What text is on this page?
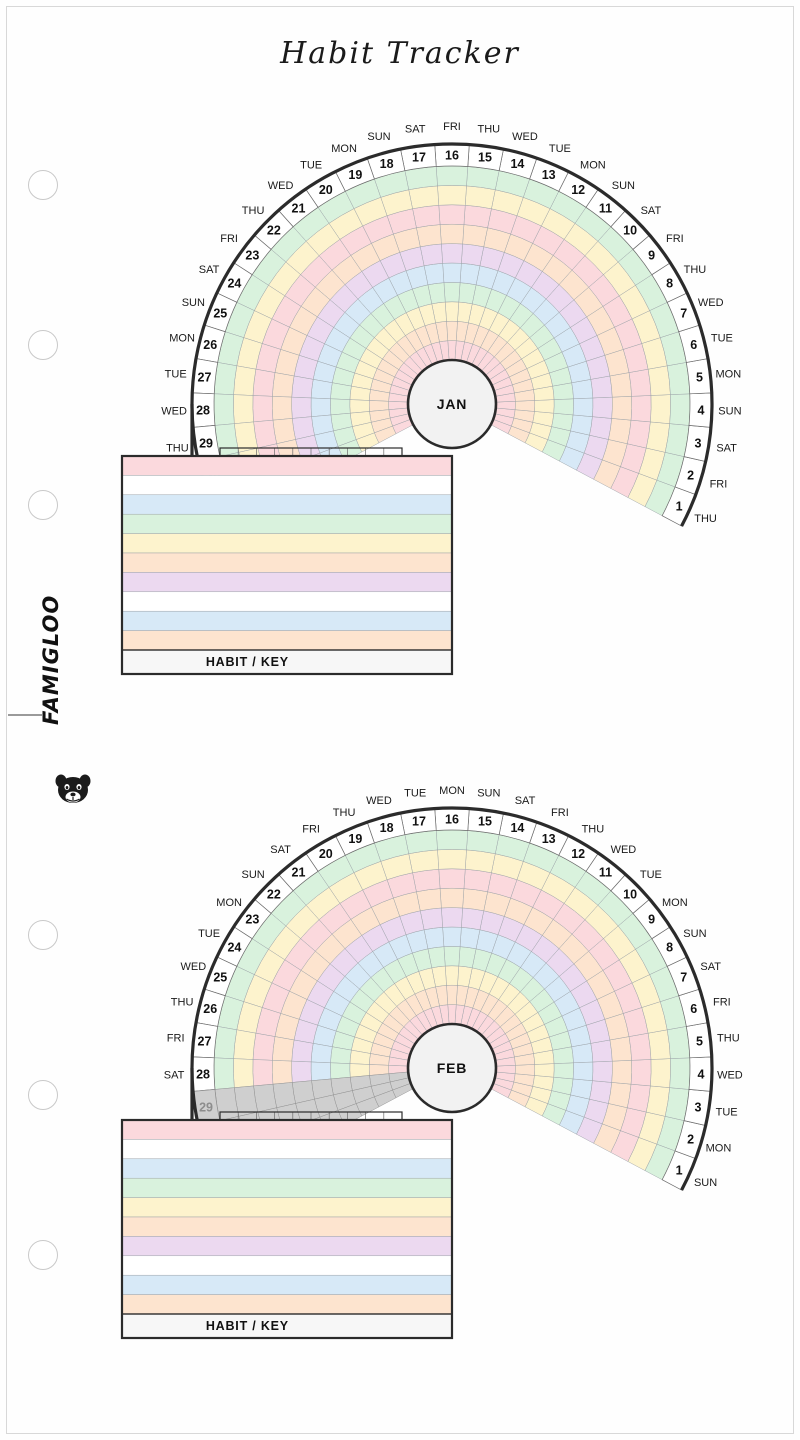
Habit Tracker
FAMIGLOO
1
THU
2
FRI
3 SAT
4 SUN
5 MON
6 TUE
7
WED
8
THU
9
FRI
10
SAT
11
SUN
12
MON
13
TUE
14
WED
15
THU
16
FRI
17
SAT
18
SUN
19
MON
20
TUE
21
WED
22
THU
23
FRI
24
SAT
25
SUN
26
MON
27
TUE
28
WED
29
THU
JAN
HABIT / KEY
1
SUN
2
MON
3 TUE
4 WED
5 THU
6 FRI
7
SAT
8
SUN
9
MON
10
TUE
11
WED
12
THU
13
FRI
14
SAT
15
SUN
16
MON
17
TUE
18
WED
19
THU
20
FRI
21
SAT
22
SUN
23
MON
24
TUE
25
WED
26
THU
27
FRI
28
SAT
29
FEB
HABIT / KEY
